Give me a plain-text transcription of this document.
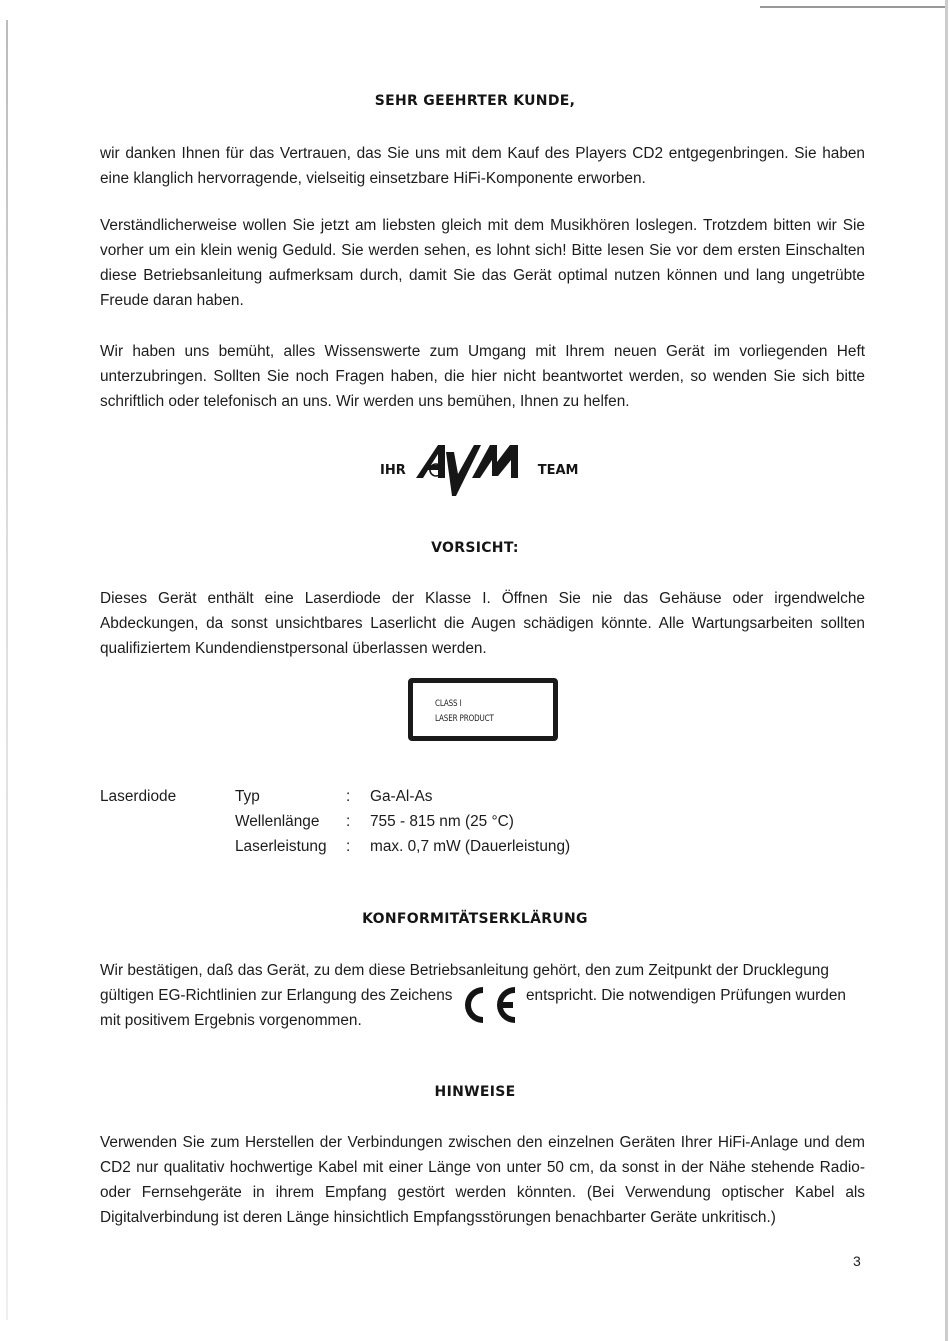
SEHR GEEHRTER KUNDE,

wir danken Ihnen für das Vertrauen, das Sie uns mit dem Kauf des Players CD2 entgegenbringen. Sie haben eine klanglich hervorragende, vielseitig einsetzbare HiFi-Komponente erworben.

Verständlicherweise wollen Sie jetzt am liebsten gleich mit dem Musikhören loslegen. Trotzdem bitten wir Sie vorher um ein klein wenig Geduld. Sie werden sehen, es lohnt sich! Bitte lesen Sie vor dem ersten Einschalten diese Betriebsanleitung aufmerksam durch, damit Sie das Gerät optimal nutzen können und lang ungetrübte Freude daran haben.

Wir haben uns bemüht, alles Wissenswerte zum Umgang mit Ihrem neuen Gerät im vorliegenden Heft unterzubringen. Sollten Sie noch Fragen haben, die hier nicht beantwortet werden, so wenden Sie sich bitte schriftlich oder telefonisch an uns. Wir werden uns bemühen, Ihnen zu helfen.

IHR	TEAM
VORSICHT:

Dieses Gerät enthält eine Laserdiode der Klasse I. Öffnen Sie nie das Gehäuse oder irgendwelche Abdeckungen, da sonst unsichtbares Laserlicht die Augen schädigen könnte. Alle Wartungsarbeiten sollten qualifiziertem Kundendienstpersonal überlassen werden.

CLASS I
LASER PRODUCT
Laserdiode	Typ	: Ga-Al-As
Wellenlänge : 755 - 815 nm (25 °C)
Laserleistung : max. 0,7 mW (Dauerleistung)
KONFORMITÄTSERKLÄRUNG

Wir bestätigen, daß das Gerät, zu dem diese Betriebsanleitung gehört, den zum Zeitpunkt der Drucklegung

gültigen EG-Richtlinien zur Erlangung des Zeichens	entspricht. Die notwendigen Prüfungen wurden

mit positivem Ergebnis vorgenommen.

HINWEISE

Verwenden Sie zum Herstellen der Verbindungen zwischen den einzelnen Geräten Ihrer HiFi-Anlage und dem CD2 nur qualitativ hochwertige Kabel mit einer Länge von unter 50 cm, da sonst in der Nähe stehende Radio- oder Fernsehgeräte in ihrem Empfang gestört werden könnten. (Bei Verwendung optischer Kabel als Digitalverbindung ist deren Länge hinsichtlich Empfangsstörungen benachbarter Geräte unkritisch.)

3
